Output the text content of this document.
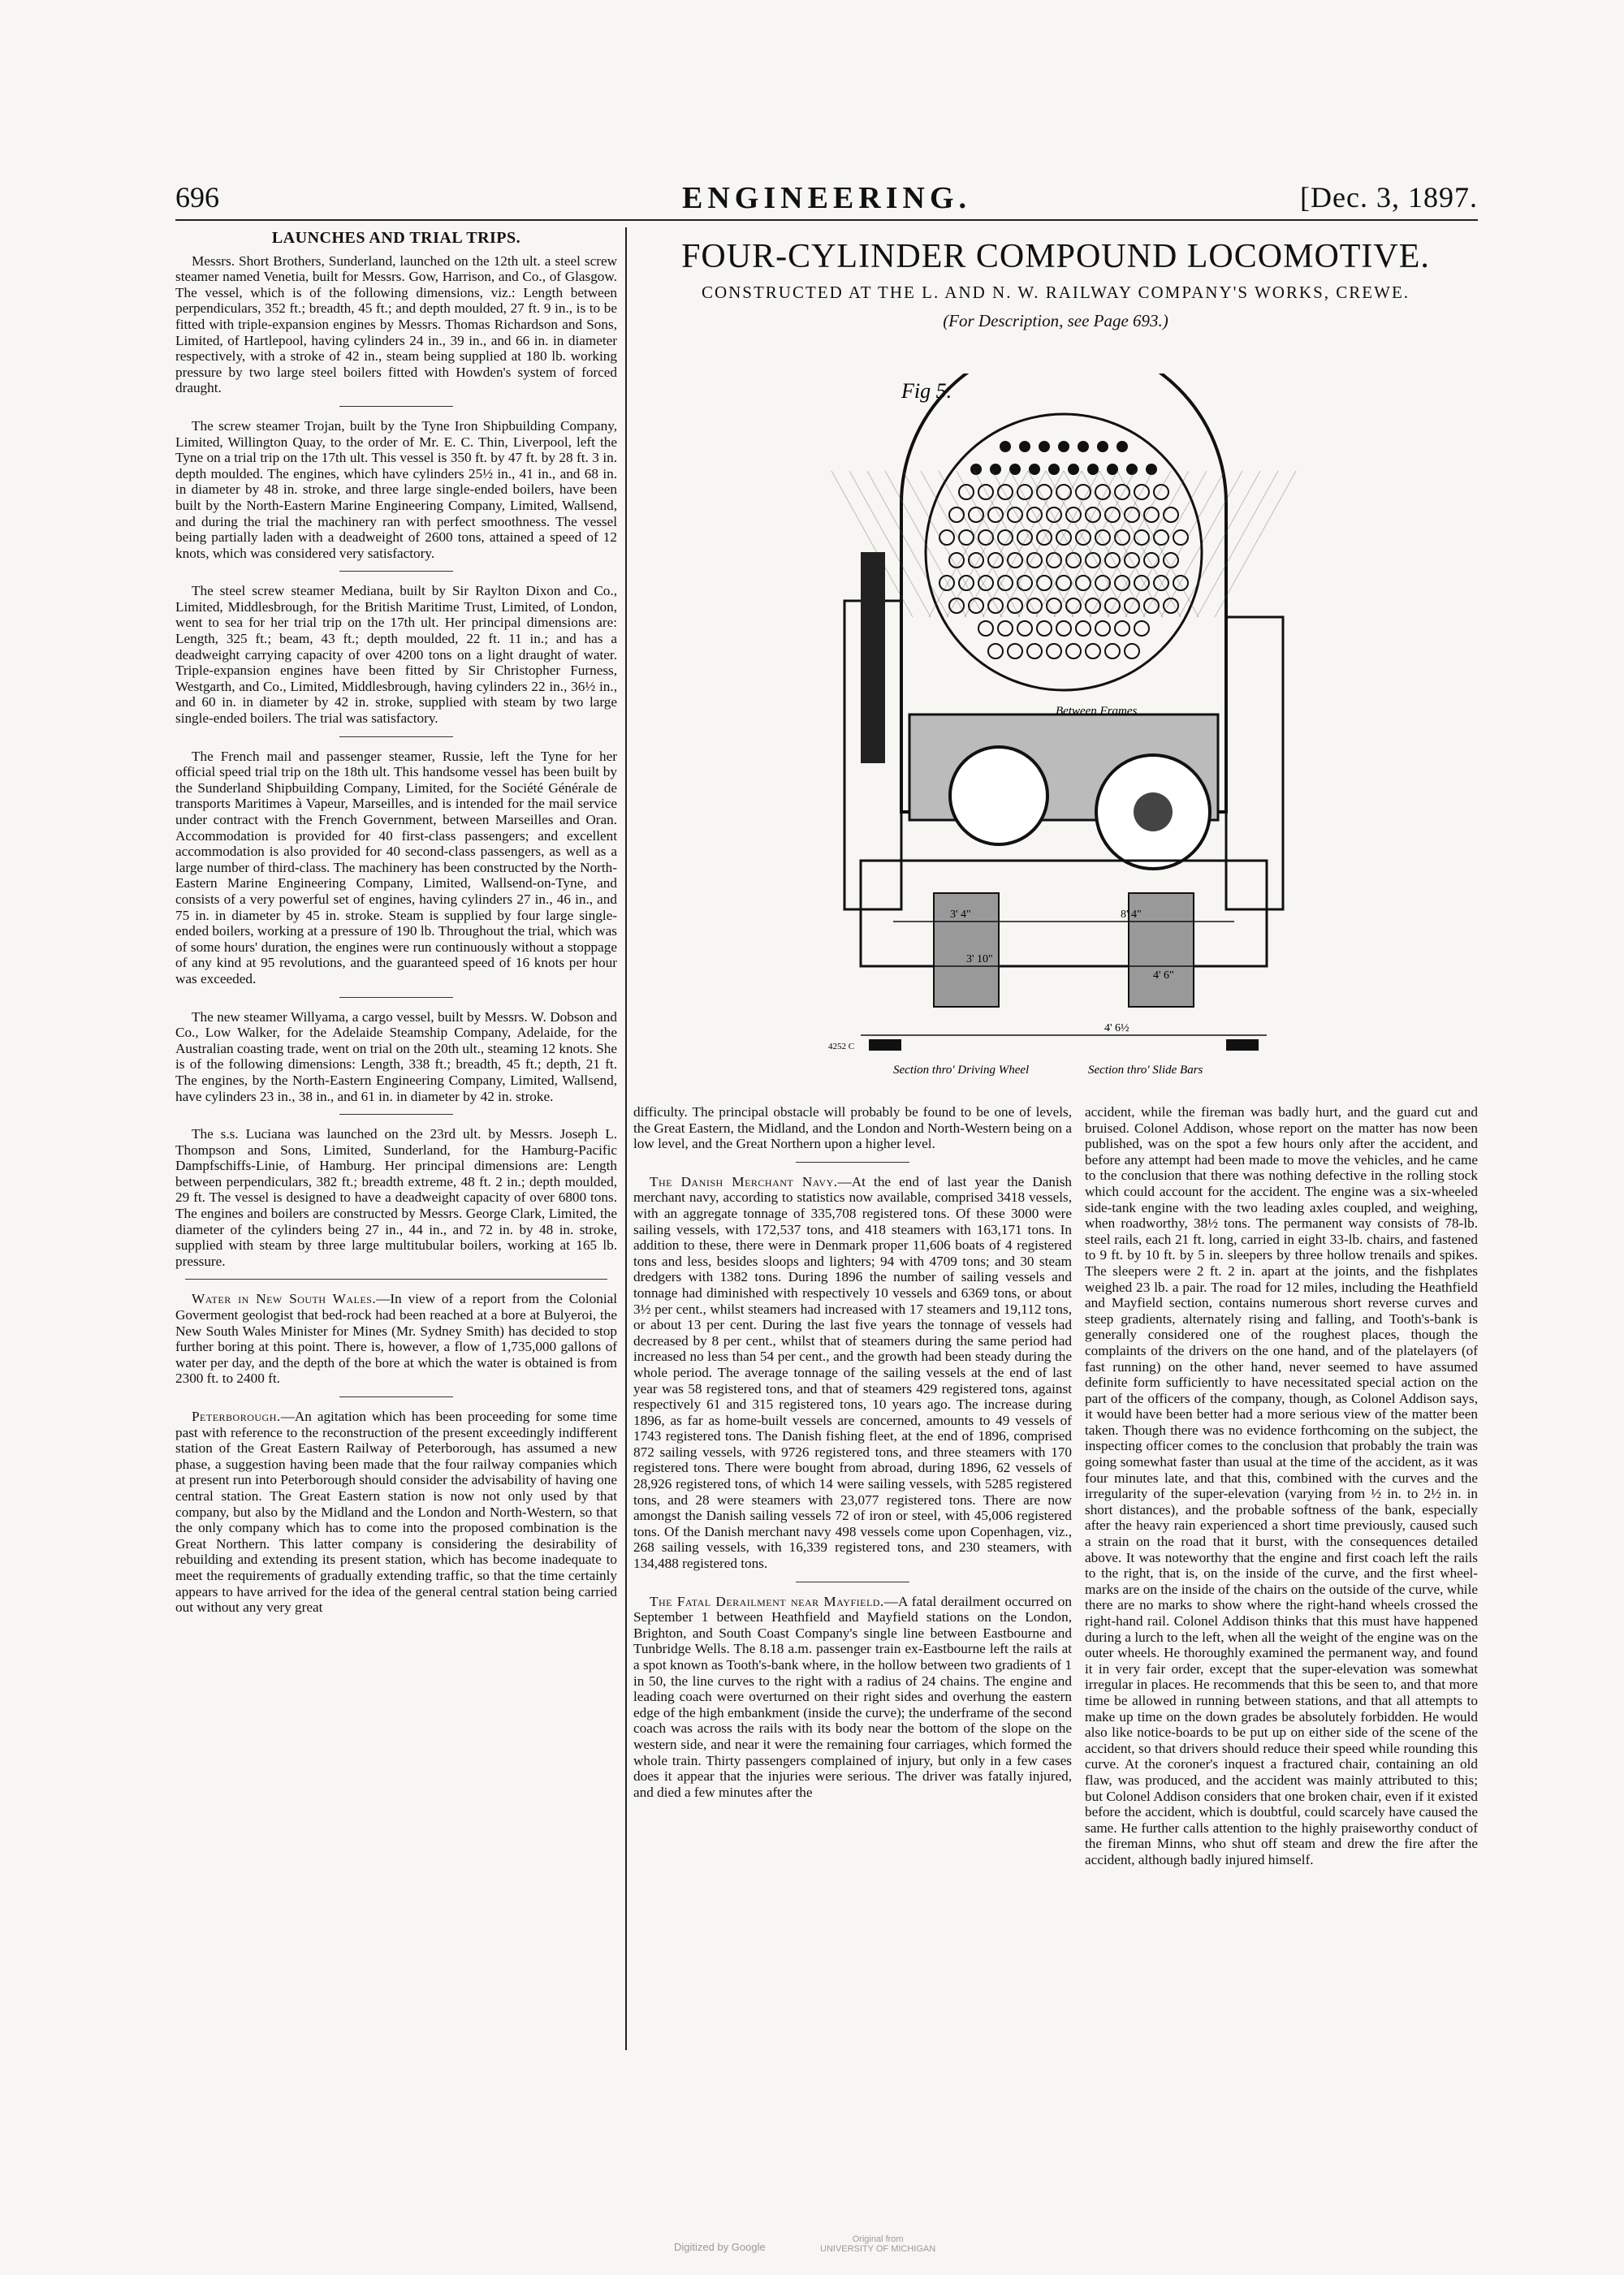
696	ENGINEERING.	[Dec. 3, 1897.
LAUNCHES AND TRIAL TRIPS.

Messrs. Short Brothers, Sunderland, launched on the 12th ult. a steel screw steamer named Venetia, built for Messrs. Gow, Harrison, and Co., of Glasgow. The vessel, which is of the following dimensions, viz.: Length between perpendiculars, 352 ft.; breadth, 45 ft.; and depth moulded, 27 ft. 9 in., is to be fitted with triple-expansion engines by Messrs. Thomas Richardson and Sons, Limited, of Hartlepool, having cylinders 24 in., 39 in., and 66 in. in diameter respectively, with a stroke of 42 in., steam being supplied at 180 lb. working pressure by two large steel boilers fitted with Howden's system of forced draught.

The screw steamer Trojan, built by the Tyne Iron Shipbuilding Company, Limited, Willington Quay, to the order of Mr. E. C. Thin, Liverpool, left the Tyne on a trial trip on the 17th ult. This vessel is 350 ft. by 47 ft. by 28 ft. 3 in. depth moulded. The engines, which have cylinders 25½ in., 41 in., and 68 in. in diameter by 48 in. stroke, and three large single-ended boilers, have been built by the North-Eastern Marine Engineering Company, Limited, Wallsend, and during the trial the machinery ran with perfect smoothness. The vessel being partially laden with a deadweight of 2600 tons, attained a speed of 12 knots, which was considered very satisfactory.

The steel screw steamer Mediana, built by Sir Raylton Dixon and Co., Limited, Middlesbrough, for the British Maritime Trust, Limited, of London, went to sea for her trial trip on the 17th ult. Her principal dimensions are: Length, 325 ft.; beam, 43 ft.; depth moulded, 22 ft. 11 in.; and has a deadweight carrying capacity of over 4200 tons on a light draught of water. Triple-expansion engines have been fitted by Sir Christopher Furness, Westgarth, and Co., Limited, Middlesbrough, having cylinders 22 in., 36½ in., and 60 in. in diameter by 42 in. stroke, supplied with steam by two large single-ended boilers. The trial was satisfactory.

The French mail and passenger steamer, Russie, left the Tyne for her official speed trial trip on the 18th ult. This handsome vessel has been built by the Sunderland Shipbuilding Company, Limited, for the Société Générale de transports Maritimes à Vapeur, Marseilles, and is intended for the mail service under contract with the French Government, between Marseilles and Oran. Accommodation is provided for 40 first-class passengers; and excellent accommodation is also provided for 40 second-class passengers, as well as a large number of third-class. The machinery has been constructed by the North-Eastern Marine Engineering Company, Limited, Wallsend-on-Tyne, and consists of a very powerful set of engines, having cylinders 27 in., 46 in., and 75 in. in diameter by 45 in. stroke. Steam is supplied by four large single-ended boilers, working at a pressure of 190 lb. Throughout the trial, which was of some hours' duration, the engines were run continuously without a stoppage of any kind at 95 revolutions, and the guaranteed speed of 16 knots per hour was exceeded.

The new steamer Willyama, a cargo vessel, built by Messrs. W. Dobson and Co., Low Walker, for the Adelaide Steamship Company, Adelaide, for the Australian coasting trade, went on trial on the 20th ult., steaming 12 knots. She is of the following dimensions: Length, 338 ft.; breadth, 45 ft.; depth, 21 ft. The engines, by the North-Eastern Engineering Company, Limited, Wallsend, have cylinders 23 in., 38 in., and 61 in. in diameter by 42 in. stroke.

The s.s. Luciana was launched on the 23rd ult. by Messrs. Joseph L. Thompson and Sons, Limited, Sunderland, for the Hamburg-Pacific Dampfschiffs-Linie, of Hamburg. Her principal dimensions are: Length between perpendiculars, 382 ft.; breadth extreme, 48 ft. 2 in.; depth moulded, 29 ft. The vessel is designed to have a deadweight capacity of over 6800 tons. The engines and boilers are constructed by Messrs. George Clark, Limited, the diameter of the cylinders being 27 in., 44 in., and 72 in. by 48 in. stroke, supplied with steam by three large multitubular boilers, working at 165 lb. pressure.

Water in New South Wales.—In view of a report from the Colonial Goverment geologist that bed-rock had been reached at a bore at Bulyeroi, the New South Wales Minister for Mines (Mr. Sydney Smith) has decided to stop further boring at this point. There is, however, a flow of 1,735,000 gallons of water per day, and the depth of the bore at which the water is obtained is from 2300 ft. to 2400 ft.

Peterborough.—An agitation which has been proceeding for some time past with reference to the reconstruction of the present exceedingly indifferent station of the Great Eastern Railway of Peterborough, has assumed a new phase, a suggestion having been made that the four railway companies which at present run into Peterborough should consider the advisability of having one central station. The Great Eastern station is now not only used by that company, but also by the Midland and the London and North-Western, so that the only company which has to come into the proposed combination is the Great Northern. This latter company is considering the desirability of rebuilding and extending its present station, which has become inadequate to meet the requirements of gradually extending traffic, so that the time certainly appears to have arrived for the idea of the general central station being carried out without any very great

FOUR-CYLINDER COMPOUND LOCOMOTIVE.
CONSTRUCTED AT THE L. AND N. W. RAILWAY COMPANY'S WORKS, CREWE.
(For Description, see Page 693.)
Fig 5.
Between Frames
3' 4"	8' 4"
3' 10"
4' 6"
4' 6½
4252 C
Section thro' Driving Wheel	Section thro' Slide Bars

difficulty. The principal obstacle will probably be found to be one of levels, the Great Eastern, the Midland, and the London and North-Western being on a low level, and the Great Northern upon a higher level.

The Danish Merchant Navy.—At the end of last year the Danish merchant navy, according to statistics now available, comprised 3418 vessels, with an aggregate tonnage of 335,708 registered tons. Of these 3000 were sailing vessels, with 172,537 tons, and 418 steamers with 163,171 tons. In addition to these, there were in Denmark proper 11,606 boats of 4 registered tons and less, besides sloops and lighters; 94 with 4709 tons; and 30 steam dredgers with 1382 tons. During 1896 the number of sailing vessels and tonnage had diminished with respectively 10 vessels and 6369 tons, or about 3½ per cent., whilst steamers had increased with 17 steamers and 19,112 tons, or about 13 per cent. During the last five years the tonnage of vessels had decreased by 8 per cent., whilst that of steamers during the same period had increased no less than 54 per cent., and the growth had been steady during the whole period. The average tonnage of the sailing vessels at the end of last year was 58 registered tons, and that of steamers 429 registered tons, against respectively 61 and 315 registered tons, 10 years ago. The increase during 1896, as far as home-built vessels are concerned, amounts to 49 vessels of 1743 registered tons. The Danish fishing fleet, at the end of 1896, comprised 872 sailing vessels, with 9726 registered tons, and three steamers with 170 registered tons. There were bought from abroad, during 1896, 62 vessels of 28,926 registered tons, of which 14 were sailing vessels, with 5285 registered tons, and 28 were steamers with 23,077 registered tons. There are now amongst the Danish sailing vessels 72 of iron or steel, with 45,006 registered tons. Of the Danish merchant navy 498 vessels come upon Copenhagen, viz., 268 sailing vessels, with 16,339 registered tons, and 230 steamers, with 134,488 registered tons.

The Fatal Derailment near Mayfield.—A fatal derailment occurred on September 1 between Heathfield and Mayfield stations on the London, Brighton, and South Coast Company's single line between Eastbourne and Tunbridge Wells. The 8.18 a.m. passenger train ex-Eastbourne left the rails at a spot known as Tooth's-bank where, in the hollow between two gradients of 1 in 50, the line curves to the right with a radius of 24 chains. The engine and leading coach were overturned on their right sides and overhung the eastern edge of the high embankment (inside the curve); the underframe of the second coach was across the rails with its body near the bottom of the slope on the western side, and near it were the remaining four carriages, which formed the whole train. Thirty passengers complained of injury, but only in a few cases does it appear that the injuries were serious. The driver was fatally injured, and died a few minutes after the

accident, while the fireman was badly hurt, and the guard cut and bruised. Colonel Addison, whose report on the matter has now been published, was on the spot a few hours only after the accident, and before any attempt had been made to move the vehicles, and he came to the conclusion that there was nothing defective in the rolling stock which could account for the accident. The engine was a six-wheeled side-tank engine with the two leading axles coupled, and weighing, when roadworthy, 38½ tons. The permanent way consists of 78-lb. steel rails, each 21 ft. long, carried in eight 33-lb. chairs, and fastened to 9 ft. by 10 ft. by 5 in. sleepers by three hollow trenails and spikes. The sleepers were 2 ft. 2 in. apart at the joints, and the fishplates weighed 23 lb. a pair. The road for 12 miles, including the Heathfield and Mayfield section, contains numerous short reverse curves and steep gradients, alternately rising and falling, and Tooth's-bank is generally considered one of the roughest places, though the complaints of the drivers on the one hand, and of the platelayers (of fast running) on the other hand, never seemed to have assumed definite form sufficiently to have necessitated special action on the part of the officers of the company, though, as Colonel Addison says, it would have been better had a more serious view of the matter been taken. Though there was no evidence forthcoming on the subject, the inspecting officer comes to the conclusion that probably the train was going somewhat faster than usual at the time of the accident, as it was four minutes late, and that this, combined with the curves and the irregularity of the super-elevation (varying from ½ in. to 2½ in. in short distances), and the probable softness of the bank, especially after the heavy rain experienced a short time previously, caused such a strain on the road that it burst, with the consequences detailed above. It was noteworthy that the engine and first coach left the rails to the right, that is, on the inside of the curve, and the first wheel-marks are on the inside of the chairs on the outside of the curve, while there are no marks to show where the right-hand wheels crossed the right-hand rail. Colonel Addison thinks that this must have happened during a lurch to the left, when all the weight of the engine was on the outer wheels. He thoroughly examined the permanent way, and found it in very fair order, except that the super-elevation was somewhat irregular in places. He recommends that this be seen to, and that more time be allowed in running between stations, and that all attempts to make up time on the down grades be absolutely forbidden. He would also like notice-boards to be put up on either side of the scene of the accident, so that drivers should reduce their speed while rounding this curve. At the coroner's inquest a fractured chair, containing an old flaw, was produced, and the accident was mainly attributed to this; but Colonel Addison considers that one broken chair, even if it existed before the accident, which is doubtful, could scarcely have caused the same. He further calls attention to the highly praiseworthy conduct of the fireman Minns, who shut off steam and drew the fire after the accident, although badly injured himself.

Digitized by Google
Original from
UNIVERSITY OF MICHIGAN
